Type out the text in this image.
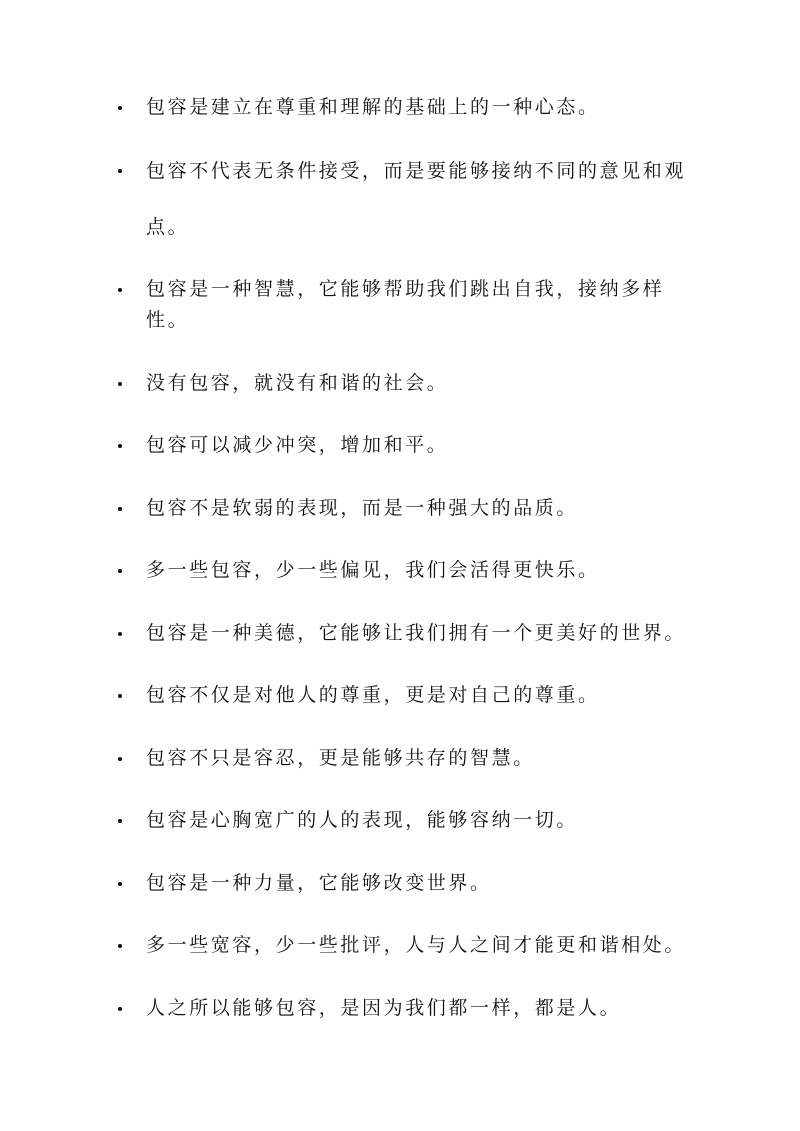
包容是建立在尊重和理解的基础上的一种心态。
包容不代表无条件接受，而是要能够接纳不同的意见和观点。
包容是一种智慧，它能够帮助我们跳出自我，接纳多样性。
没有包容，就没有和谐的社会。
包容可以减少冲突，增加和平。
包容不是软弱的表现，而是一种强大的品质。
多一些包容，少一些偏见，我们会活得更快乐。
包容是一种美德，它能够让我们拥有一个更美好的世界。
包容不仅是对他人的尊重，更是对自己的尊重。
包容不只是容忍，更是能够共存的智慧。
包容是心胸宽广的人的表现，能够容纳一切。
包容是一种力量，它能够改变世界。
多一些宽容，少一些批评，人与人之间才能更和谐相处。
人之所以能够包容，是因为我们都一样，都是人。
